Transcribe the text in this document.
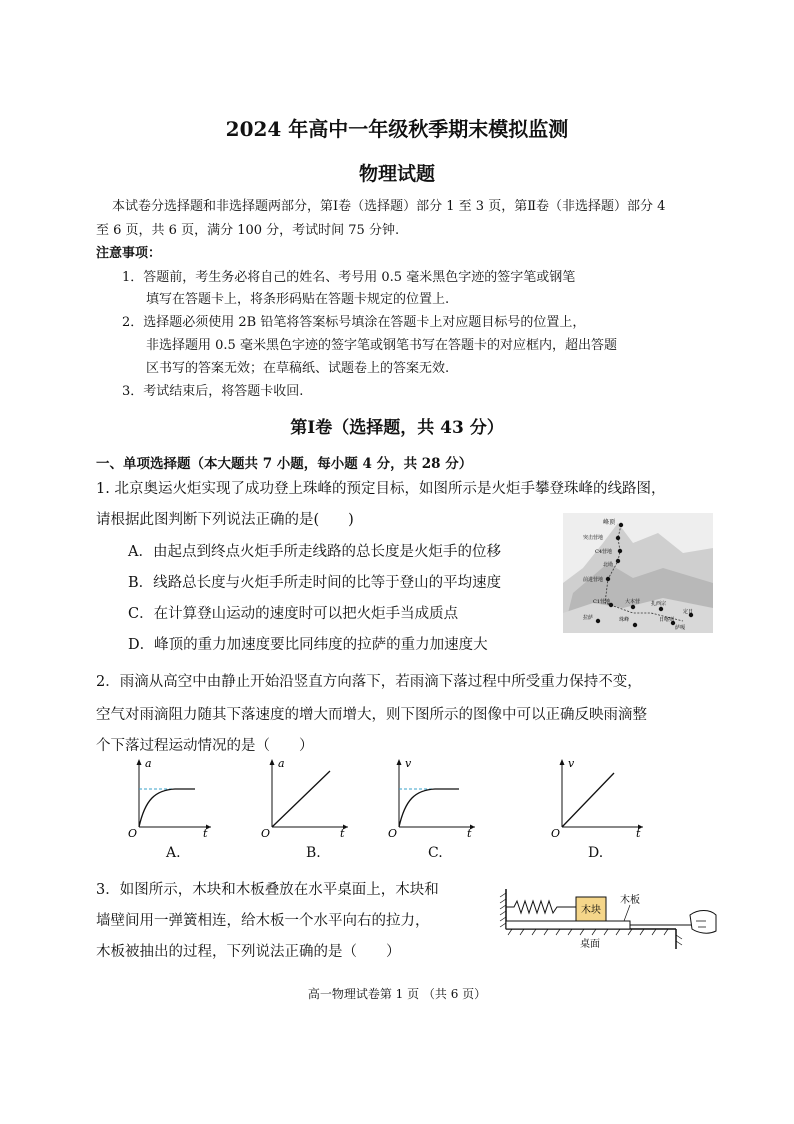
2024 年高中一年级秋季期末模拟监测
物理试题
本试卷分选择题和非选择题两部分，第Ⅰ卷（选择题）部分 1 至 3 页，第Ⅱ卷（非选择题）部分 4
至 6 页，共 6 页，满分 100 分，考试时间 75 分钟.
注意事项：
1．答题前，考生务必将自己的姓名、考号用 0.5 毫米黑色字迹的签字笔或钢笔
填写在答题卡上，将条形码贴在答题卡规定的位置上.
2．选择题必须使用 2B 铅笔将答案标号填涂在答题卡上对应题目标号的位置上，
非选择题用 0.5 毫米黑色字迹的签字笔或钢笔书写在答题卡的对应框内，超出答题
区书写的答案无效；在草稿纸、试题卷上的答案无效.
3．考试结束后，将答题卡收回.
第Ⅰ卷（选择题，共 43 分）
一、单项选择题（本大题共 7 小题，每小题 4 分，共 28 分）
1. 北京奥运火炬实现了成功登上珠峰的预定目标，如图所示是火炬手攀登珠峰的线路图，
请根据此图判断下列说法正确的是(　　)
A．由起点到终点火炬手所走线路的总长度是火炬手的位移
B．线路总长度与火炬手所走时间的比等于登山的平均速度
C．在计算登山运动的速度时可以把火炬手当成质点
D．峰顶的重力加速度要比同纬度的拉萨的重力加速度大
峰顶
突击营地
C4营地
北坳
前进营地
C1营地	大本营 扎西宗
拉萨	珠峰	日喀则
萨嘎
定日
2．雨滴从高空中由静止开始沿竖直方向落下，若雨滴下落过程中所受重力保持不变，
空气对雨滴阻力随其下落速度的增大而增大，则下图所示的图像中可以正确反映雨滴整
个下落过程运动情况的是（　　）
a
t
O
A.
a
t
O
B.
v
t
O
C.
v
t
O
D.
3．如图所示，木块和木板叠放在水平桌面上，木块和
墙壁间用一弹簧相连，给木板一个水平向右的拉力，
木板被抽出的过程，下列说法正确的是（　　）
木块
木板
桌面
高一物理试卷第 1 页 （共 6 页）
